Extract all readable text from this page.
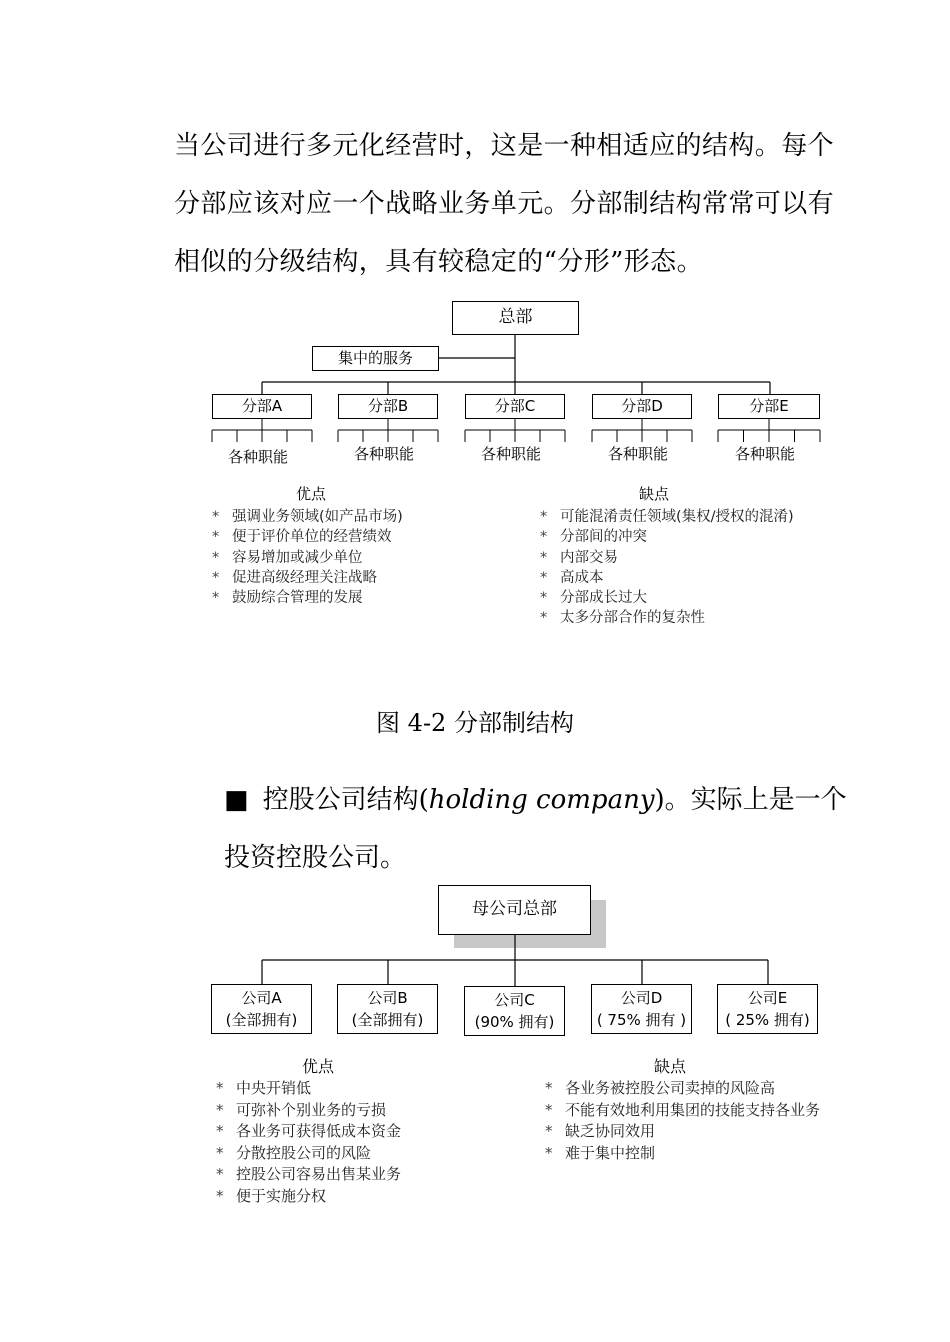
当公司进行多元化经营时，这是一种相适应的结构。每个分部应该对应一个战略业务单元。分部制结构常常可以有相似的分级结构，具有较稳定的“分形”形态。
总部
集中的服务
分部A	分部B	分部C	分部D	分部E
各种职能	各种职能	各种职能	各种职能	各种职能
优点
* 强调业务领域(如产品市场)
* 便于评价单位的经营绩效
* 容易增加或减少单位
* 促进高级经理关注战略
* 鼓励综合管理的发展
缺点
* 可能混淆责任领域(集权/授权的混淆)
* 分部间的冲突
* 内部交易
* 高成本
* 分部成长过大
* 太多分部合作的复杂性
图 4-2 分部制结构
■ 控股公司结构(holding company)。实际上是一个投资控股公司。
母公司总部
公司A
(全部拥有)
公司B
(全部拥有)
公司C
(90% 拥有)
公司D
( 75% 拥有 )
公司E
( 25% 拥有)
优点
* 中央开销低
* 可弥补个别业务的亏损
* 各业务可获得低成本资金
* 分散控股公司的风险
* 控股公司容易出售某业务
* 便于实施分权
缺点
* 各业务被控股公司卖掉的风险高
* 不能有效地利用集团的技能支持各业务
* 缺乏协同效用
* 难于集中控制
